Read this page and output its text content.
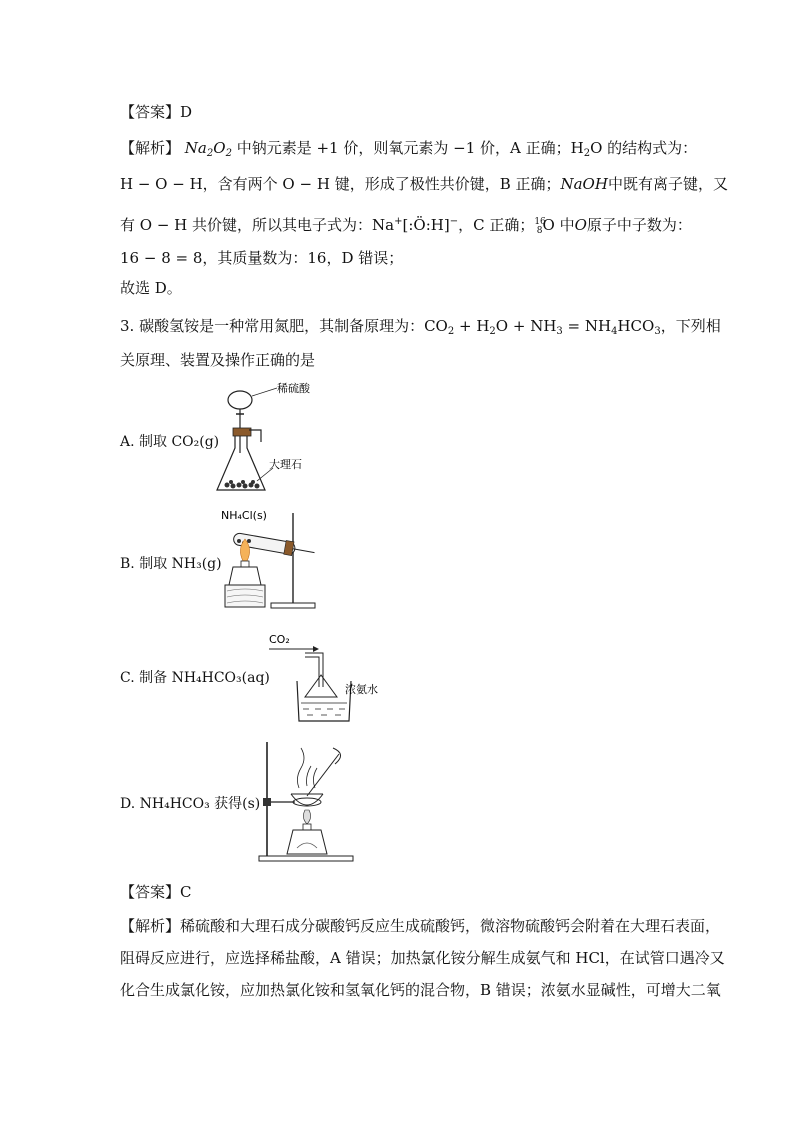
【答案】D
【解析】 $Na_2O_2$ 中钠元素是 +1 价，则氧元素为 −1 价，A 正确；$H_2O$ 的结构式为：
H − O − H，含有两个 O − H 键，形成了极性共价键，B 正确；NaOH中既有离子键，又
有 O − H 共价键，所以其电子式为：Na+[:Ö:H]−，C 正确；$^{16}_8$O 中O原子中子数为：
16 − 8 = 8，其质量数为：16，D 错误；
故选 D。
3. 碳酸氢铵是一种常用氮肥，其制备原理为：$CO_2 + H_2O + NH_3 = NH_4HCO_3$，下列相
关原理、装置及操作正确的是
A. 制取 CO₂(g)
稀硫酸
大理石
B. 制取 NH₃(g)
NH₄Cl(s)
C. 制备 NH₄HCO₃(aq)
CO₂
浓氨水
D. NH₄HCO₃ 获得(s)
【答案】C
【解析】稀硫酸和大理石成分碳酸钙反应生成硫酸钙，微溶物硫酸钙会附着在大理石表面，
阻碍反应进行，应选择稀盐酸，A 错误；加热氯化铵分解生成氨气和 HCl，在试管口遇冷又
化合生成氯化铵，应加热氯化铵和氢氧化钙的混合物，B 错误；浓氨水显碱性，可增大二氧
